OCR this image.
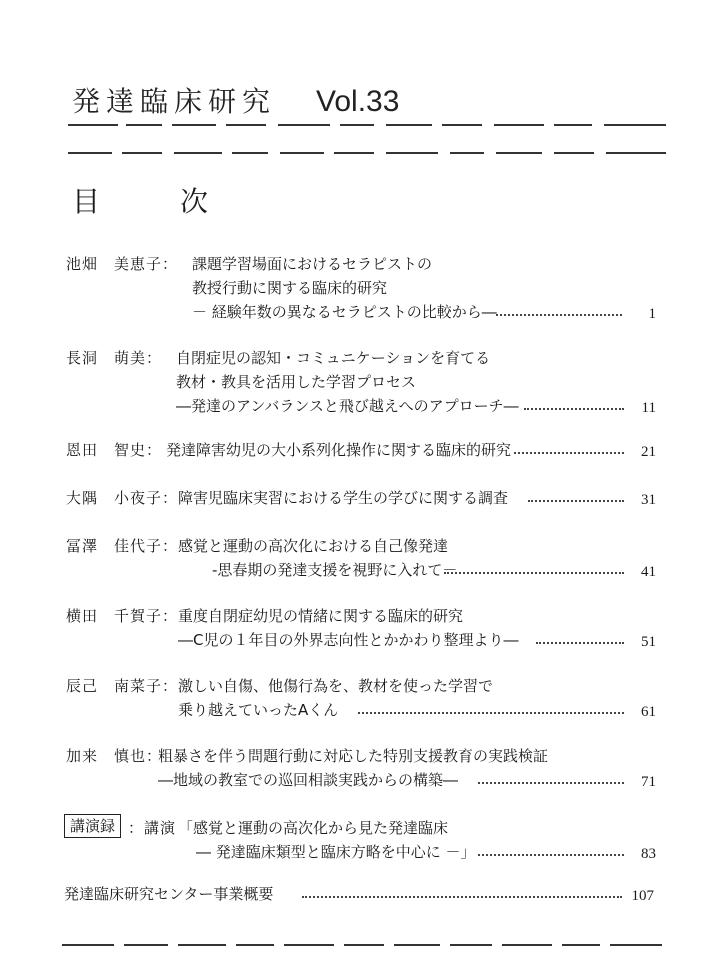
発達臨床研究 Vol.33
目　次
池畑　美恵子： 課題学習場面におけるセラピストの
教授行動に関する臨床的研究
－ 経験年数の異なるセラピストの比較から―	1
長洞　萌美： 自閉症児の認知・コミュニケーションを育てる
教材・教具を活用した学習プロセス
―発達のアンバランスと飛び越えへのアプローチ―	11
恩田　智史： 発達障害幼児の大小系列化操作に関する臨床的研究	21
大隅　小夜子： 障害児臨床実習における学生の学びに関する調査	31
冨澤　佳代子： 感覚と運動の高次化における自己像発達
-思春期の発達支援を視野に入れて－	41
横田　千賀子： 重度自閉症幼児の情緒に関する臨床的研究
―C児の１年目の外界志向性とかかわり整理より―	51
辰己　南菜子： 激しい自傷、他傷行為を、教材を使った学習で
乗り越えていったAくん	61
加来　慎也：
粗暴さを伴う問題行動に対応した特別支援教育の実践検証
―地域の教室での巡回相談実践からの構築―	71
講演録 ：講演 「感覚と運動の高次化から見た発達臨床
― 発達臨床類型と臨床方略を中心に －」	83
発達臨床研究センター事業概要	107
